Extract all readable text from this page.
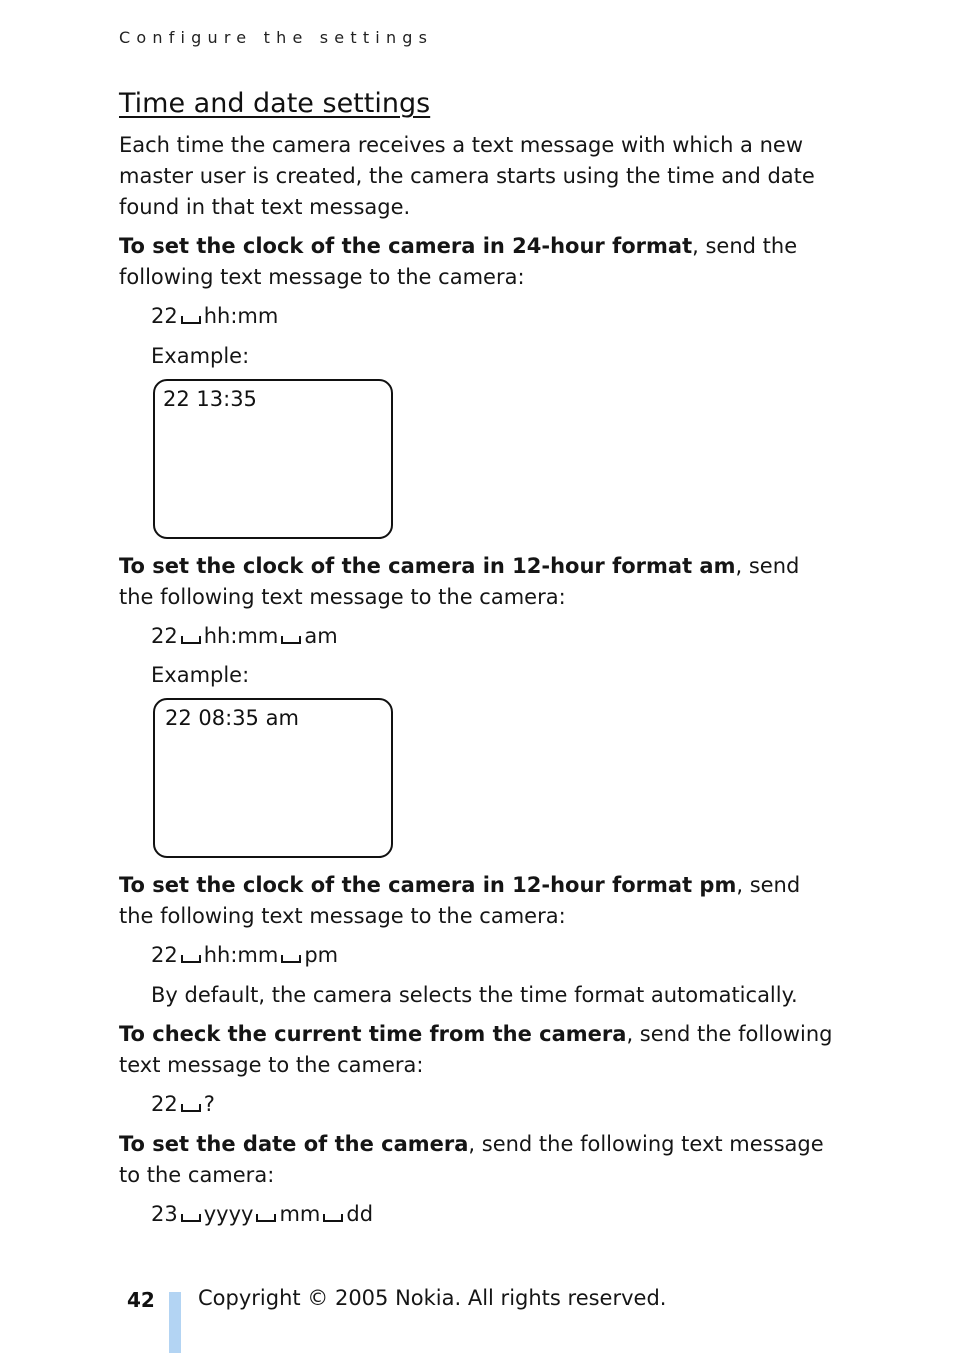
Configure the settings
Time and date settings
Each time the camera receives a text message with which a new master user is created, the camera starts using the time and date found in that text message.
To set the clock of the camera in 24-hour format, send the following text message to the camera:
22 hh:mm
Example:
22 13:35
To set the clock of the camera in 12-hour format am, send the following text message to the camera:
22 hh:mm am
Example:
22 08:35 am
To set the clock of the camera in 12-hour format pm, send the following text message to the camera:
22 hh:mm pm
By default, the camera selects the time format automatically.
To check the current time from the camera, send the following text message to the camera:
22 ?
To set the date of the camera, send the following text message to the camera:
23 yyyy mm dd
42 Copyright © 2005 Nokia. All rights reserved.
